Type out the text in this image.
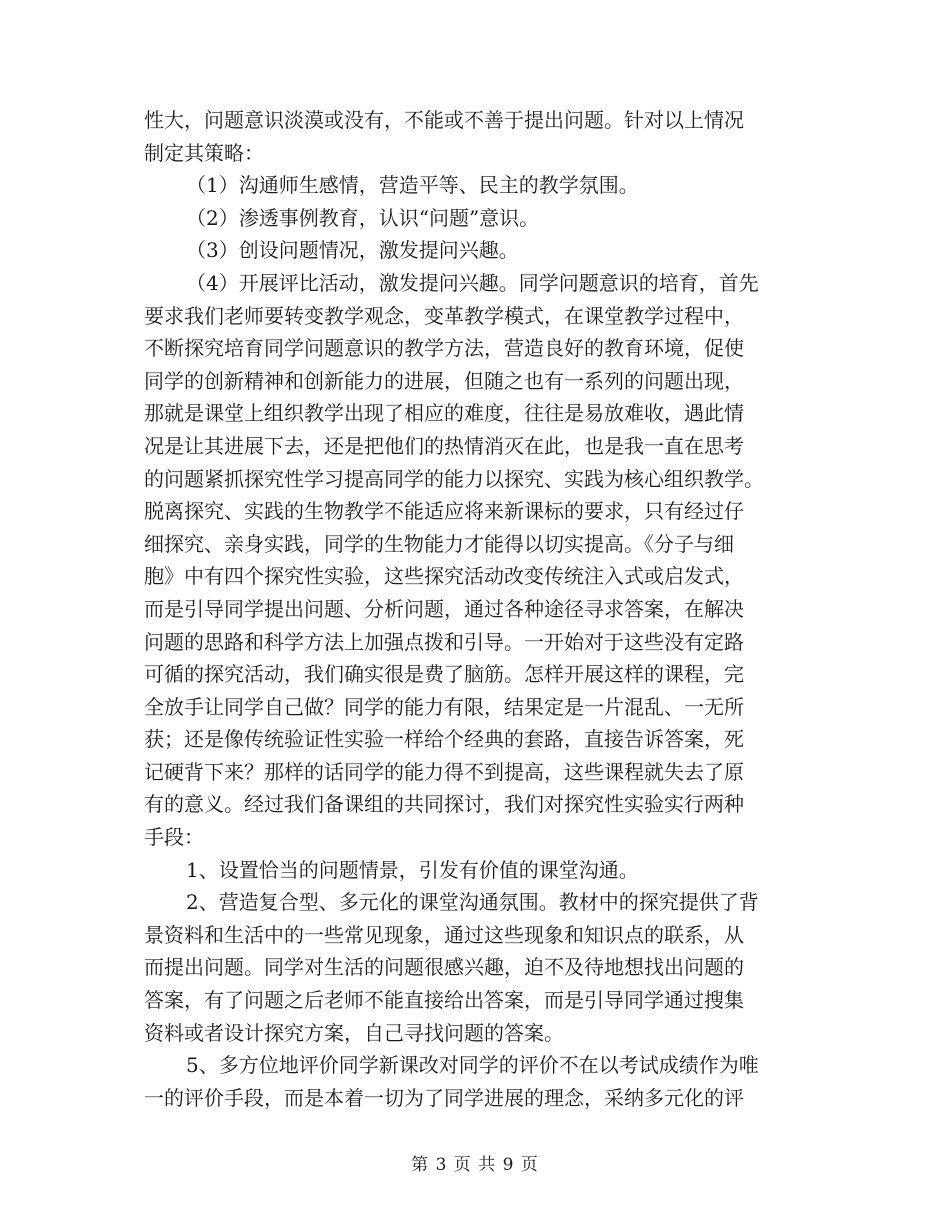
性大，问题意识淡漠或没有，不能或不善于提出问题。针对以上情况
制定其策略：
（1）沟通师生感情，营造平等、民主的教学氛围。
（2）渗透事例教育，认识“问题”意识。
（3）创设问题情况，激发提问兴趣。
（4）开展评比活动，激发提问兴趣。同学问题意识的培育，首先
要求我们老师要转变教学观念，变革教学模式，在课堂教学过程中，
不断探究培育同学问题意识的教学方法，营造良好的教育环境，促使
同学的创新精神和创新能力的进展，但随之也有一系列的问题出现，
那就是课堂上组织教学出现了相应的难度，往往是易放难收，遇此情
况是让其进展下去，还是把他们的热情消灭在此，也是我一直在思考
的问题紧抓探究性学习提高同学的能力以探究、实践为核心组织教学。
脱离探究、实践的生物教学不能适应将来新课标的要求，只有经过仔
细探究、亲身实践，同学的生物能力才能得以切实提高。《分子与细
胞》中有四个探究性实验，这些探究活动改变传统注入式或启发式，
而是引导同学提出问题、分析问题，通过各种途径寻求答案，在解决
问题的思路和科学方法上加强点拨和引导。一开始对于这些没有定路
可循的探究活动，我们确实很是费了脑筋。怎样开展这样的课程，完
全放手让同学自己做？同学的能力有限，结果定是一片混乱、一无所
获；还是像传统验证性实验一样给个经典的套路，直接告诉答案，死
记硬背下来？那样的话同学的能力得不到提高，这些课程就失去了原
有的意义。经过我们备课组的共同探讨，我们对探究性实验实行两种
手段：
1、设置恰当的问题情景，引发有价值的课堂沟通。
2、营造复合型、多元化的课堂沟通氛围。教材中的探究提供了背
景资料和生活中的一些常见现象，通过这些现象和知识点的联系，从
而提出问题。同学对生活的问题很感兴趣，迫不及待地想找出问题的
答案，有了问题之后老师不能直接给出答案，而是引导同学通过搜集
资料或者设计探究方案，自己寻找问题的答案。
5、多方位地评价同学新课改对同学的评价不在以考试成绩作为唯
一的评价手段，而是本着一切为了同学进展的理念，采纳多元化的评
第 3 页 共 9 页
